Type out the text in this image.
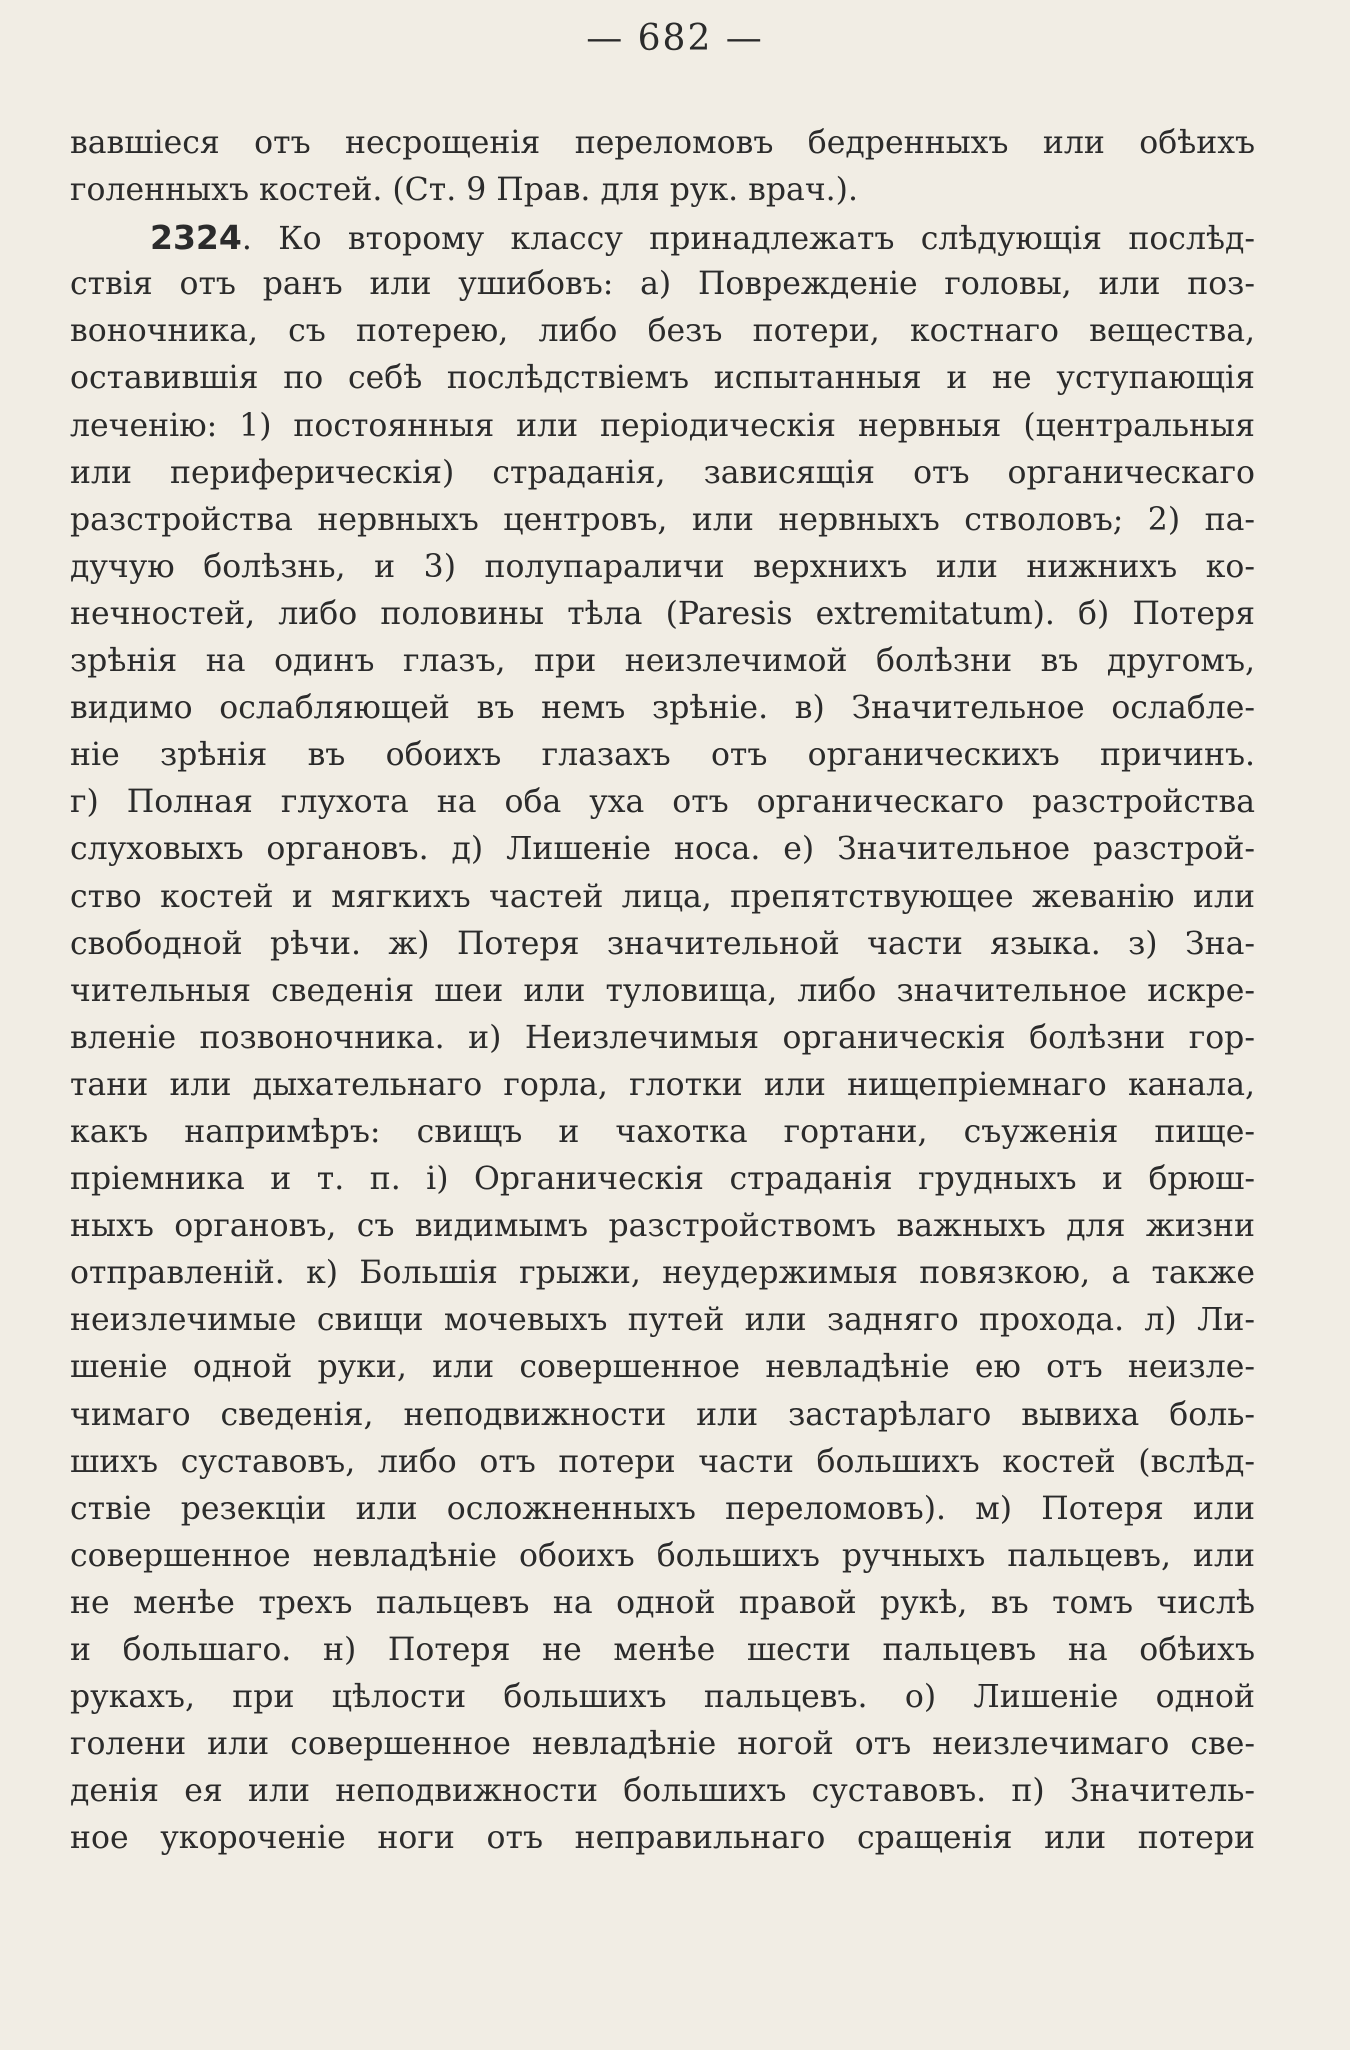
— 682 —
вавшіеся отъ несрощенія переломовъ бедренныхъ или обѣихъ
голенныхъ костей. (Ст. 9 Прав. для рук. врач.).
2324. Ко второму классу принадлежатъ слѣдующія послѣд-
ствія отъ ранъ или ушибовъ: а) Поврежденіе головы, или поз-
воночника, съ потерею, либо безъ потери, костнаго вещества,
оставившія по себѣ послѣдствіемъ испытанныя и не уступающія
леченію: 1) постоянныя или періодическія нервныя (центральныя
или периферическія) страданія, зависящія отъ органическаго
разстройства нервныхъ центровъ, или нервныхъ стволовъ; 2) па-
дучую болѣзнь, и 3) полупараличи верхнихъ или нижнихъ ко-
нечностей, либо половины тѣла (Paresis extremitatum). б) Потеря
зрѣнія на одинъ глазъ, при неизлечимой болѣзни въ другомъ,
видимо ослабляющей въ немъ зрѣніе. в) Значительное ослабле-
ніе зрѣнія въ обоихъ глазахъ отъ органическихъ причинъ.
г) Полная глухота на оба уха отъ органическаго разстройства
слуховыхъ органовъ. д) Лишеніе носа. е) Значительное разстрой-
ство костей и мягкихъ частей лица, препятствующее жеванію или
свободной рѣчи. ж) Потеря значительной части языка. з) Зна-
чительныя сведенія шеи или туловища, либо значительное искре-
вленіе позвоночника. и) Неизлечимыя органическія болѣзни гор-
тани или дыхательнаго горла, глотки или нищепріемнаго канала,
какъ напримѣръ: свищъ и чахотка гортани, съуженія пище-
пріемника и т. п. і) Органическія страданія грудныхъ и брюш-
ныхъ органовъ, съ видимымъ разстройствомъ важныхъ для жизни
отправленій. к) Большія грыжи, неудержимыя повязкою, а также
неизлечимые свищи мочевыхъ путей или задняго прохода. л) Ли-
шеніе одной руки, или совершенное невладѣніе ею отъ неизле-
чимаго сведенія, неподвижности или застарѣлаго вывиха боль-
шихъ суставовъ, либо отъ потери части большихъ костей (вслѣд-
ствіе резекціи или осложненныхъ переломовъ). м) Потеря или
совершенное невладѣніе обоихъ большихъ ручныхъ пальцевъ, или
не менѣе трехъ пальцевъ на одной правой рукѣ, въ томъ числѣ
и большаго. н) Потеря не менѣе шести пальцевъ на обѣихъ
рукахъ, при цѣлости большихъ пальцевъ. о) Лишеніе одной
голени или совершенное невладѣніе ногой отъ неизлечимаго све-
денія ея или неподвижности большихъ суставовъ. п) Значитель-
ное укороченіе ноги отъ неправильнаго сращенія или потери
